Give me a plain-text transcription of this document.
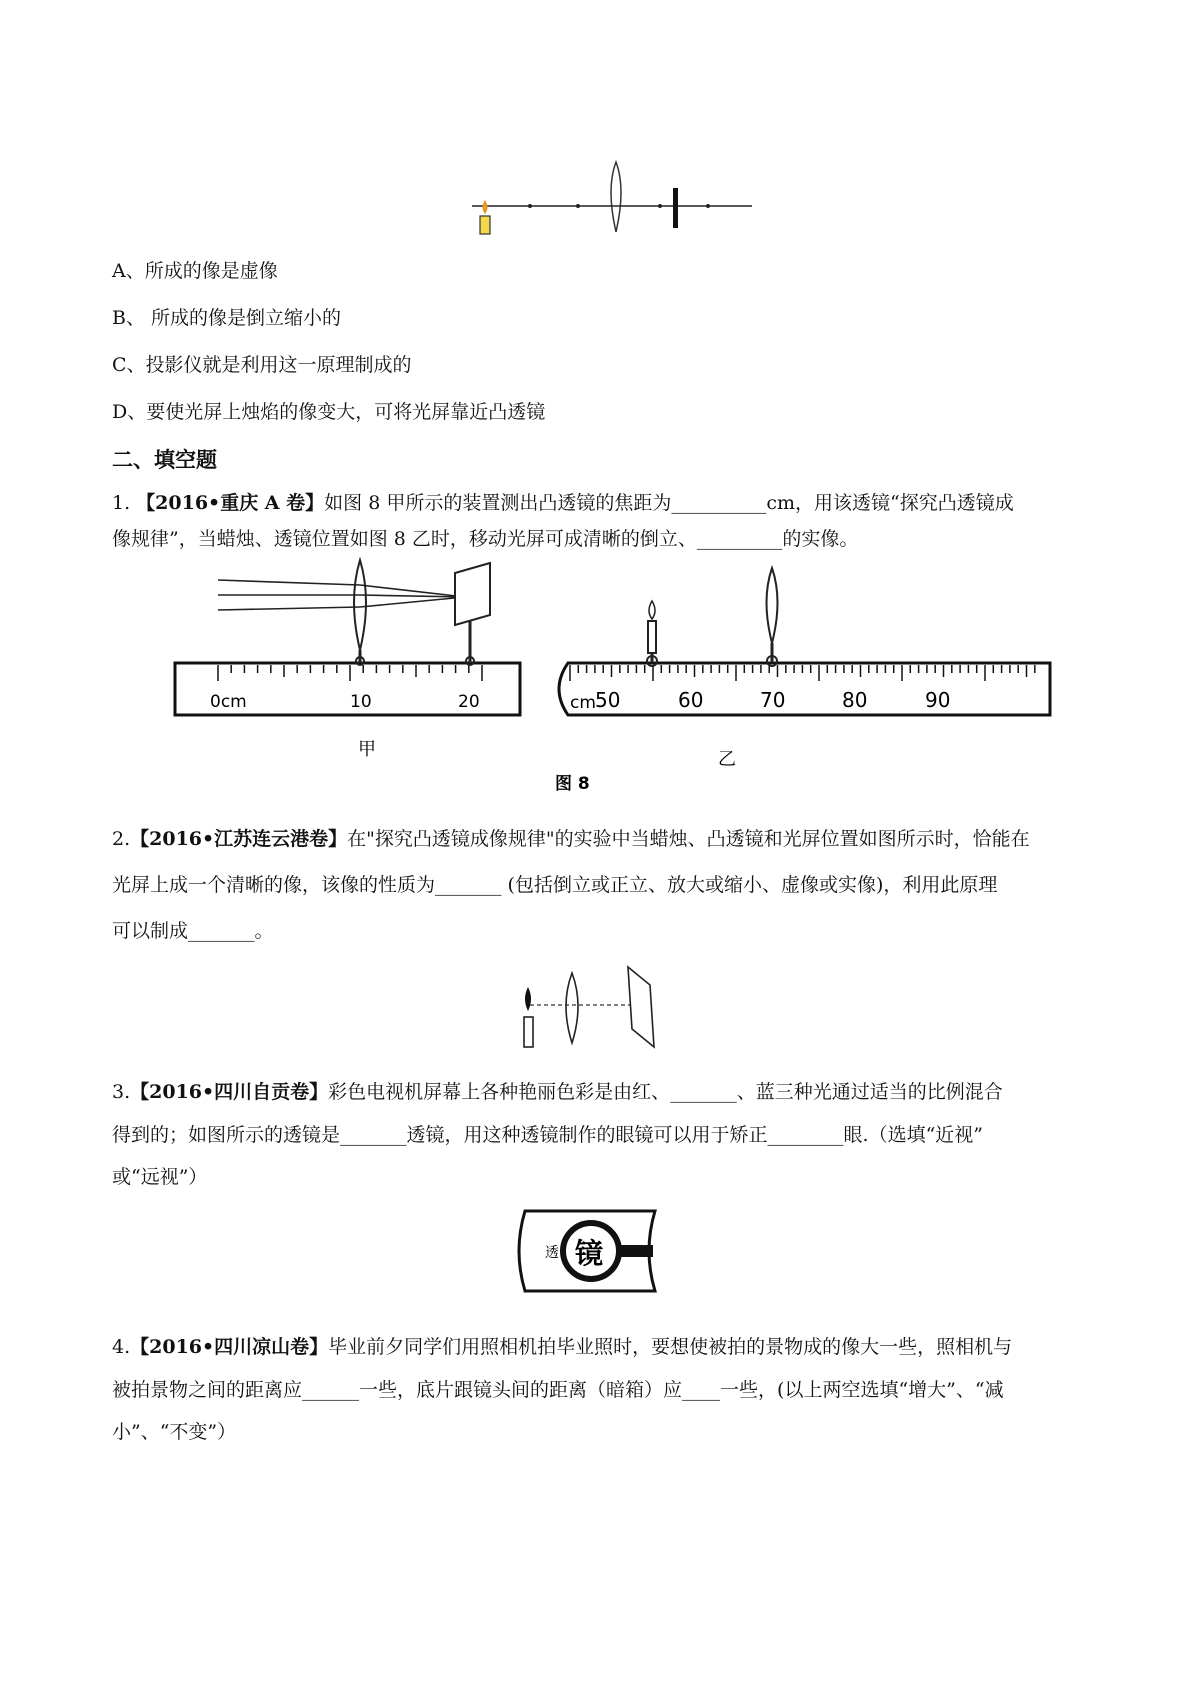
A、所成的像是虚像
B、 所成的像是倒立缩小的
C、投影仪就是利用这一原理制成的
D、要使光屏上烛焰的像变大，可将光屏靠近凸透镜
二、填空题
1. 【2016•重庆 A 卷】如图 8 甲所示的装置测出凸透镜的焦距为__________cm，用该透镜“探究凸透镜成
像规律”，当蜡烛、透镜位置如图 8 乙时，移动光屏可成清晰的倒立、_________的实像。
0cm	10	20
甲
cm 50	60	70	80	90
乙
图 8
2.【2016•江苏连云港卷】在"探究凸透镜成像规律"的实验中当蜡烛、凸透镜和光屏位置如图所示时，恰能在
光屏上成一个清晰的像，该像的性质为_______ (包括倒立或正立、放大或缩小、虚像或实像)，利用此原理
可以制成_______。
3.【2016•四川自贡卷】彩色电视机屏幕上各种艳丽色彩是由红、_______、蓝三种光通过适当的比例混合
得到的；如图所示的透镜是_______透镜，用这种透镜制作的眼镜可以用于矫正________眼.（选填“近视”
或“远视”）
透 镜
4.【2016•四川凉山卷】毕业前夕同学们用照相机拍毕业照时，要想使被拍的景物成的像大一些，照相机与
被拍景物之间的距离应______一些，底片跟镜头间的距离（暗箱）应____一些，(以上两空选填“增大”、“减
小”、“不变”）
